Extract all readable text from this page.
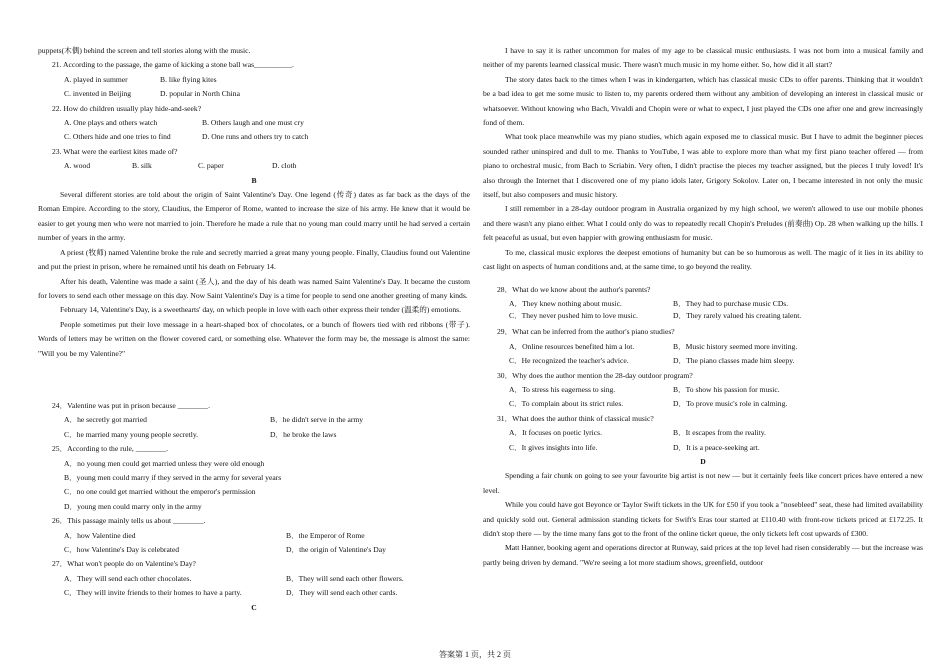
puppets(木偶) behind the screen and tell stories along with the music.

21. According to the passage, the game of kicking a stone ball was__________.

A. played in summer	B. like flying kites
C. invented in Beijing	D. popular in North China

22. How do children usually play hide-and-seek?

A. One plays and others watch	B. Others laugh and one must cry
C. Others hide and one tries to find	D. One runs and others try to catch

23. What were the earliest kites made of?

A. wood	B. silk	C. paper	D. cloth

B

Several different stories are told about the origin of Saint Valentine's Day. One legend (传奇) dates as far back as the days of the Roman Empire. According to the story, Claudius, the Emperor of Rome, wanted to increase the size of his army. He knew that it would be easier to get young men who were not married to join. Therefore he made a rule that no young man could marry until he had served a certain number of years in the army.

A priest (牧师) named Valentine broke the rule and secretly married a great many young people. Finally, Claudius found out Valentine and put the priest in prison, where he remained until his death on February 14.

After his death, Valentine was made a saint (圣人), and the day of his death was named Saint Valentine's Day. It became the custom for lovers to send each other message on this day. Now Saint Valentine's Day is a time for people to send one another greeting of many kinds.

February 14, Valentine's Day, is a sweethearts' day, on which people in love with each other express their tender (温柔的) emotions.

People sometimes put their love message in a heart-shaped box of chocolates, or a bunch of flowers tied with red ribbons (带子). Words of letters may be written on the flower covered card, or something else. Whatever the form may be, the message is almost the same: "Will you be my Valentine?"

24．Valentine was put in prison because ________.

A．he secretly got married	B．he didn't serve in the army
C．he married many young people secretly.	D．he broke the laws

25．According to the rule, ________.

A．no young men could get married unless they were old enough

B．young men could marry if they served in the army for several years

C．no one could get married without the emperor's permission

D．young men could marry only in the army

26．This passage mainly tells us about ________.

A．how Valentine died	B．the Emperor of Rome
C．how Valentine's Day is celebrated	D．the origin of Valentine's Day

27．What won't people do on Valentine's Day?

A．They will send each other chocolates.	B．They will send each other flowers.
C．They will invite friends to their homes to have a party.	D．They will send each other cards.

C

I have to say it is rather uncommon for males of my age to be classical music enthusiasts. I was not born into a musical family and neither of my parents learned classical music. There wasn't much music in my home either. So, how did it all start?

The story dates back to the times when I was in kindergarten, which has classical music CDs to offer parents. Thinking that it wouldn't be a bad idea to get me some music to listen to, my parents ordered them without any ambition of developing an interest in classical music or whatsoever. Without knowing who Bach, Vivaldi and Chopin were or what to expect, I just played the CDs one after one and grew increasingly fond of them.

What took place meanwhile was my piano studies, which again exposed me to classical music. But I have to admit the beginner pieces sounded rather uninspired and dull to me. Thanks to YouTube, I was able to explore more than what my first piano teacher offered — from piano to orchestral music, from Bach to Scriabin. Very often, I didn't practise the pieces my teacher assigned, but the pieces I truly loved! It's also through the Internet that I discovered one of my piano idols later, Grigory Sokolov. Later on, I became interested in not only the music itself, but also composers and music history.

I still remember in a 28-day outdoor program in Australia organized by my high school, we weren't allowed to use our mobile phones and there wasn't any piano either. What I could only do was to repeatedly recall Chopin's Preludes (前奏曲) Op. 28 when walking up the hills. I felt peaceful as usual, but even happier with growing enthusiasm for music.

To me, classical music explores the deepest emotions of humanity but can be so humorous as well. The magic of it lies in its ability to cast light on aspects of human conditions and, at the same time, to go beyond the reality.

28．What do we know about the author's parents?

A．They knew nothing about music.	B．They had to purchase music CDs.
C．They never pushed him to love music.	D．They rarely valued his creating talent.

29．What can be inferred from the author's piano studies?

A．Online resources benefited him a lot.	B．Music history seemed more inviting.
C．He recognized the teacher's advice.	D．The piano classes made him sleepy.

30．Why does the author mention the 28-day outdoor program?

A．To stress his eagerness to sing.	B．To show his passion for music.
C．To complain about its strict rules.	D．To prove music's role in calming.

31．What does the author think of classical music?

A．It focuses on poetic lyrics.	B．It escapes from the reality.
C．It gives insights into life.	D．It is a peace-seeking art.

D

Spending a fair chunk on going to see your favourite big artist is not new — but it certainly feels like concert prices have entered a new level.

While you could have got Beyonce or Taylor Swift tickets in the UK for £50 if you took a "nosebleed" seat, these had limited availability and quickly sold out. General admission standing tickets for Swift's Eras tour started at £110.40 with front-row tickets priced at £172.25. It didn't stop there — by the time many fans got to the front of the online ticket queue, the only tickets left cost upwards of £300.

Matt Hanner, booking agent and operations director at Runway, said prices at the top level had risen considerably — but the increase was partly being driven by demand. "We're seeing a lot more stadium shows, greenfield, outdoor

答案第 1 页，共 2 页
